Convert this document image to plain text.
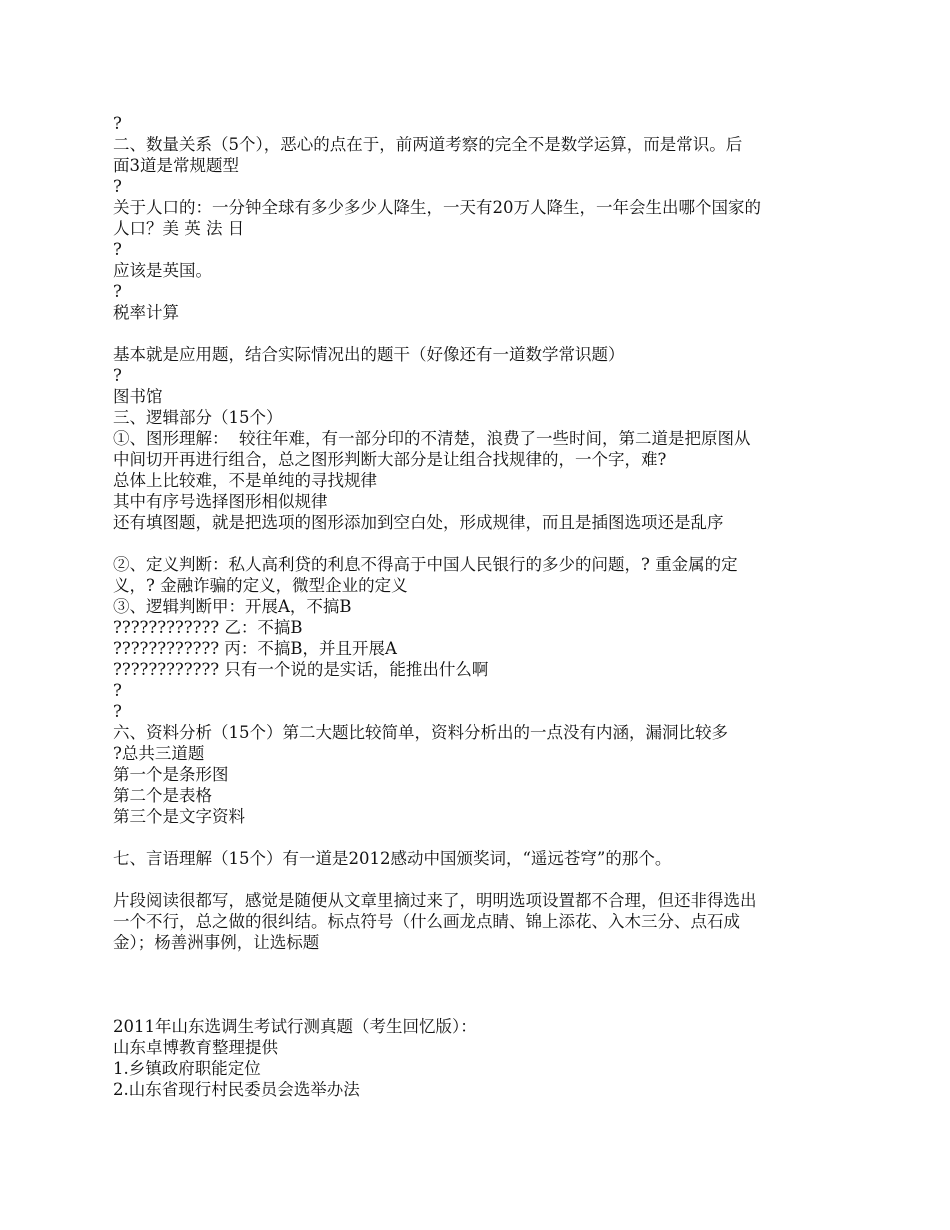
?
二、数量关系（5个），恶心的点在于，前两道考察的完全不是数学运算，而是常识。后
面3道是常规题型
?
关于人口的：一分钟全球有多少多少人降生，一天有20万人降生，一年会生出哪个国家的
人口？美 英 法 日
?
应该是英国。
?
税率计算
基本就是应用题，结合实际情况出的题干（好像还有一道数学常识题）
?
图书馆
三、逻辑部分（15个）
①、图形理解：  较往年难，有一部分印的不清楚，浪费了一些时间，第二道是把原图从
中间切开再进行组合，总之图形判断大部分是让组合找规律的，一个字，难?
总体上比较难，不是单纯的寻找规律
其中有序号选择图形相似规律
还有填图题，就是把选项的图形添加到空白处，形成规律，而且是插图选项还是乱序
②、定义判断：私人高利贷的利息不得高于中国人民银行的多少的问题，? 重金属的定
义，? 金融诈骗的定义，微型企业的定义
③、逻辑判断甲：开展A，不搞B
???????????? 乙：不搞B
???????????? 丙：不搞B，并且开展A
???????????? 只有一个说的是实话，能推出什么啊
?
?
六、资料分析（15个）第二大题比较简单，资料分析出的一点没有内涵，漏洞比较多
?总共三道题
第一个是条形图
第二个是表格
第三个是文字资料
七、言语理解（15个）有一道是2012感动中国颁奖词，“遥远苍穹”的那个。
片段阅读很都写，感觉是随便从文章里摘过来了，明明选项设置都不合理，但还非得选出
一个不行，总之做的很纠结。标点符号（什么画龙点睛、锦上添花、入木三分、点石成
金）；杨善洲事例，让选标题
2011年山东选调生考试行测真题（考生回忆版）：
山东卓博教育整理提供
1.乡镇政府职能定位
2.山东省现行村民委员会选举办法
